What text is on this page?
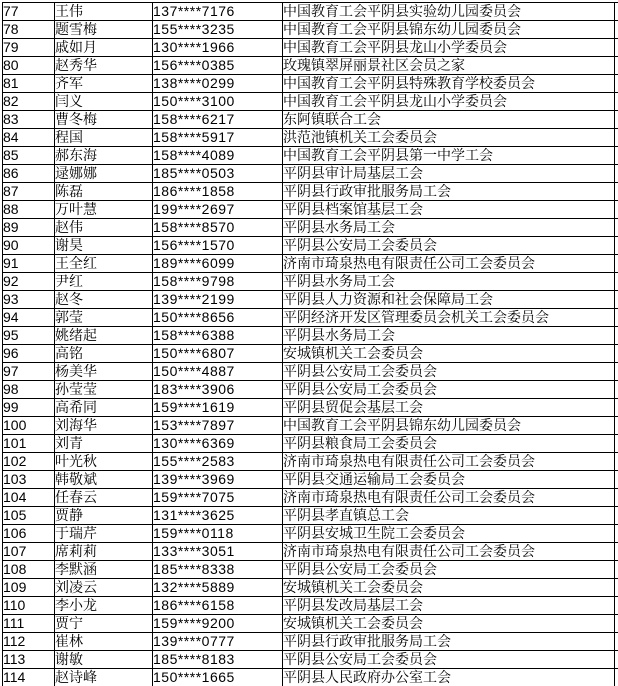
77	王伟	137****7176	中国教育工会平阴县实验幼儿园委员会	
78	题雪梅	155****3235	中国教育工会平阴县锦东幼儿园委员会	
79	戚如月	130****1966	中国教育工会平阴县龙山小学委员会	
80	赵秀华	156****0385	玫瑰镇翠屏丽景社区会员之家	
81	齐军	138****0299	中国教育工会平阴县特殊教育学校委员会	
82	闫义	150****3100	中国教育工会平阴县龙山小学委员会	
83	曹冬梅	158****6217	东阿镇联合工会	
84	程国	158****5917	洪范池镇机关工会委员会	
85	郝东海	158****4089	中国教育工会平阴县第一中学工会	
86	逯娜娜	185****0503	平阴县审计局基层工会	
87	陈磊	186****1858	平阴县行政审批服务局工会	
88	万叶慧	199****2697	平阴县档案馆基层工会	
89	赵伟	158****8570	平阴县水务局工会	
90	谢昊	156****1570	平阴县公安局工会委员会	
91	王全红	189****6099	济南市琦泉热电有限责任公司工会委员会	
92	尹红	158****9798	平阴县水务局工会	
93	赵冬	139****2199	平阴县人力资源和社会保障局工会	
94	郭莹	150****8656	平阴经济开发区管理委员会机关工会委员会	
95	姚绪起	158****6388	平阴县水务局工会	
96	高铭	150****6807	安城镇机关工会委员会	
97	杨美华	150****4887	平阴县公安局工会委员会	
98	孙莹莹	183****3906	平阴县公安局工会委员会	
99	高希同	159****1619	平阴县贸促会基层工会	
100	刘海华	153****7897	中国教育工会平阴县锦东幼儿园委员会	
101	刘青	130****6369	平阴县粮食局工会委员会	
102	叶光秋	155****2583	济南市琦泉热电有限责任公司工会委员会	
103	韩敬斌	139****3969	平阴县交通运输局工会委员会	
104	任春云	159****7075	济南市琦泉热电有限责任公司工会委员会	
105	贾静	131****3625	平阴县孝直镇总工会	
106	于瑞芹	159****0118	平阴县安城卫生院工会委员会	
107	席莉莉	133****3051	济南市琦泉热电有限责任公司工会委员会	
108	李默涵	185****8338	平阴县公安局工会委员会	
109	刘凌云	132****5889	安城镇机关工会委员会	
110	李小龙	186****6158	平阴县发改局基层工会	
111	贾宁	159****9200	安城镇机关工会委员会	
112	崔林	139****0777	平阴县行政审批服务局工会	
113	谢敏	185****8183	平阴县公安局工会委员会	
114	赵诗峰	150****1665	平阴县人民政府办公室工会	
